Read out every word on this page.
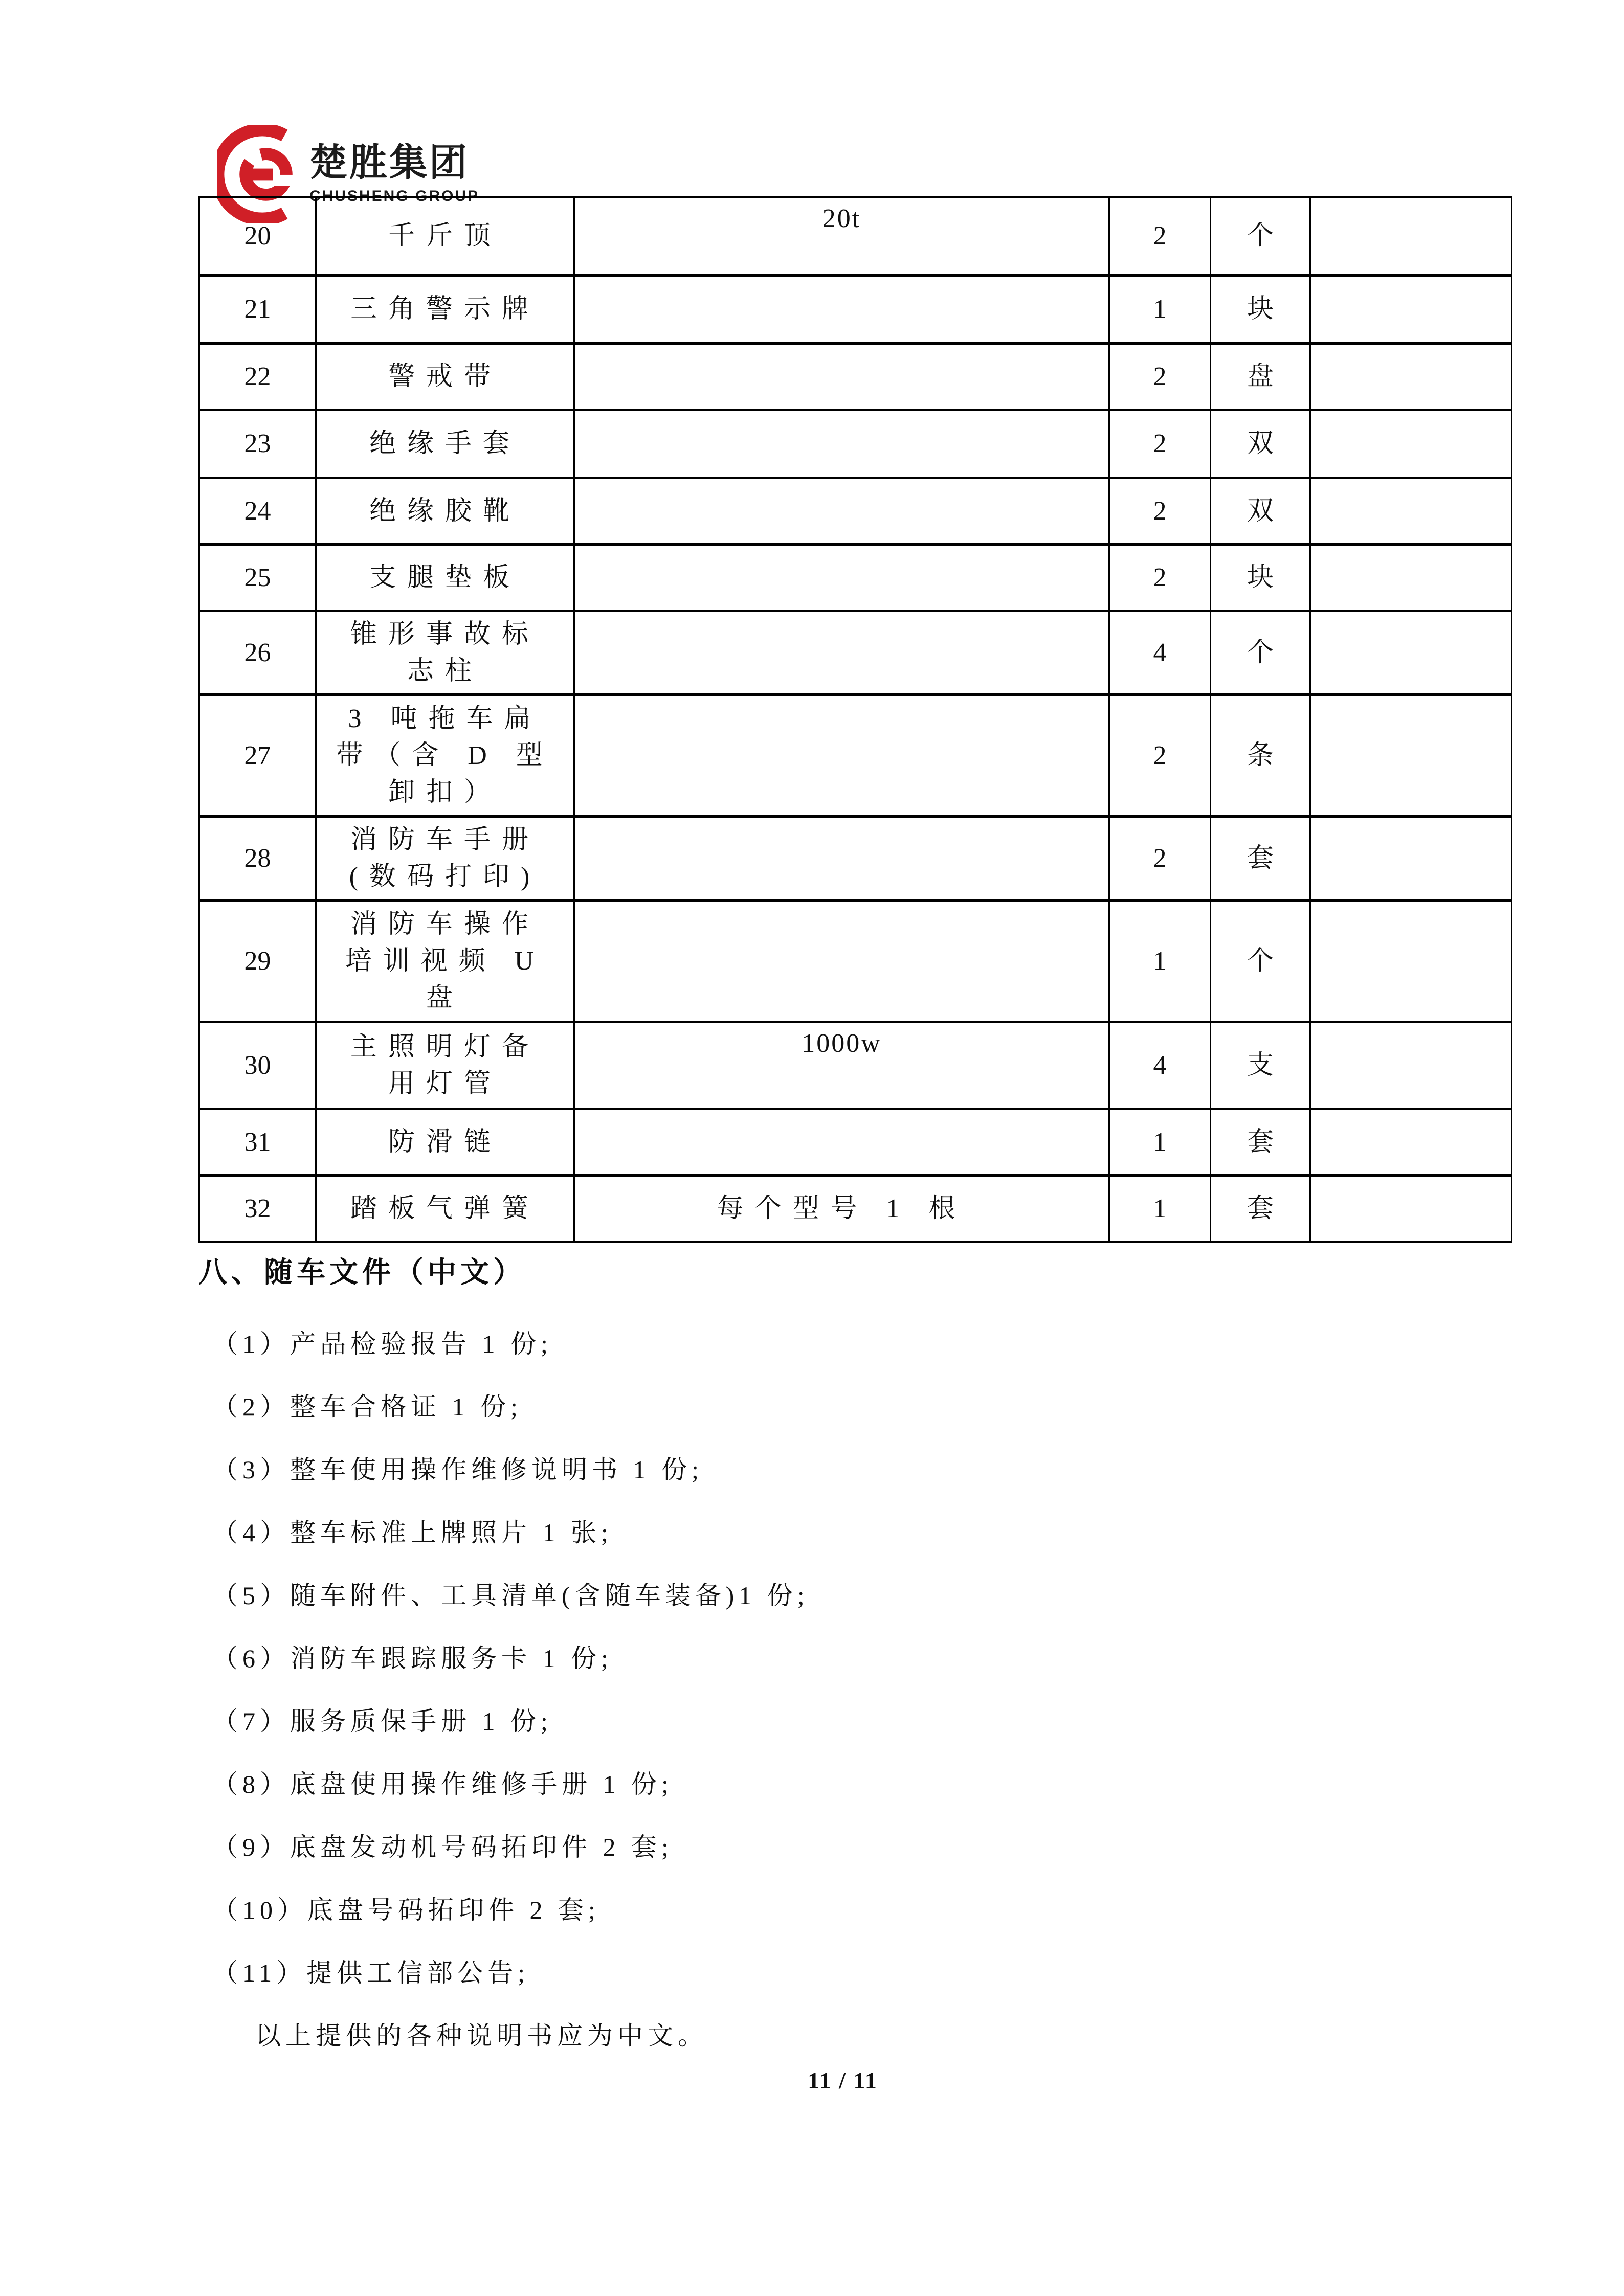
楚胜集团
CHUSHENG GROUP
20	千斤顶	20t	2	个	
21	三角警示牌		1	块	
22	警戒带		2	盘	
23	绝缘手套		2	双	
24	绝缘胶靴		2	双	
25	支腿垫板		2	块	
26	锥形事故标志柱		4	个	
27	3 吨拖车扁带（含 D 型卸扣）		2	条	
28	消防车手册(数码打印)		2	套	
29	消防车操作培训视频 U 盘		1	个	
30	主照明灯备用灯管	1000w	4	支	
31	防滑链		1	套	
32	踏板气弹簧	每个型号 1 根	1	套	
八、随车文件（中文）
（1）产品检验报告 1 份;
（2）整车合格证 1 份;
（3）整车使用操作维修说明书 1 份;
（4）整车标准上牌照片 1 张;
（5）随车附件、工具清单(含随车装备)1 份;
（6）消防车跟踪服务卡 1 份;
（7）服务质保手册 1 份;
（8）底盘使用操作维修手册 1 份;
（9）底盘发动机号码拓印件 2 套;
（10）底盘号码拓印件 2 套;
（11）提供工信部公告;
以上提供的各种说明书应为中文。
11 / 11
